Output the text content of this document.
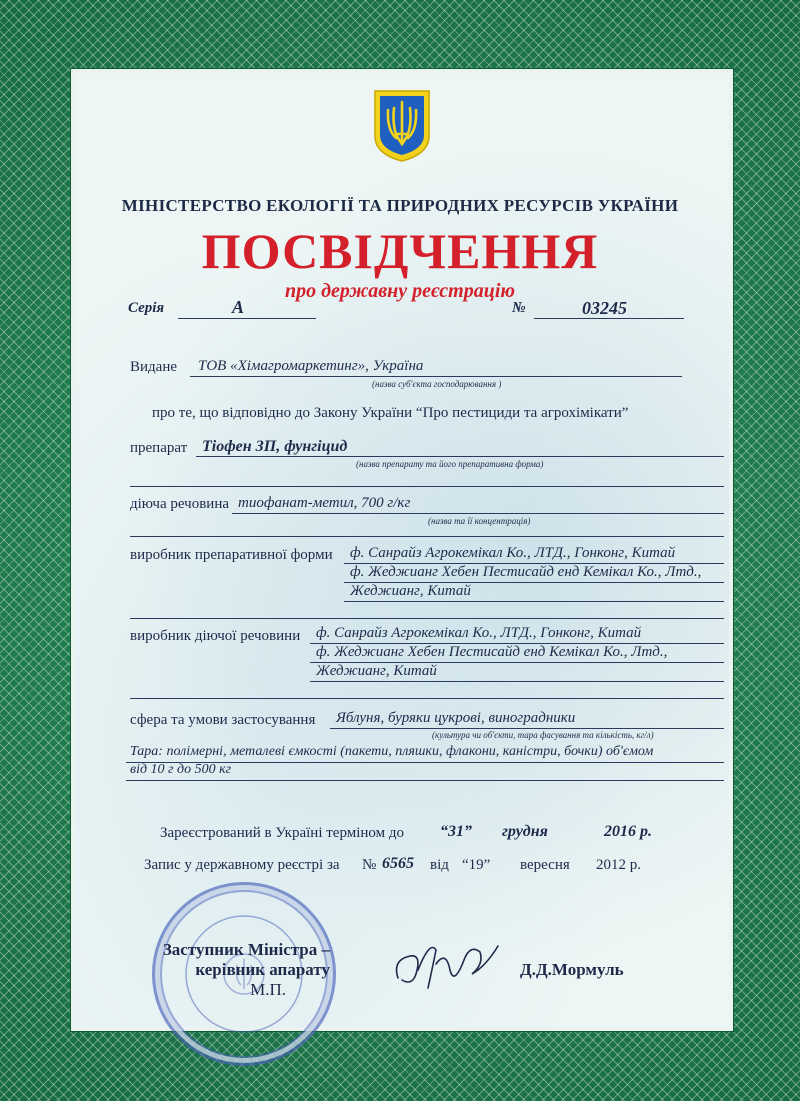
МІНІСТЕРСТВО ЕКОЛОГІЇ ТА ПРИРОДНИХ РЕСУРСІВ УКРАЇНИ
ПОСВІДЧЕННЯ
про державну реєстрацію
Серія	А	№	03245
Видане ТОВ «Хімагромаркетинг», Україна
(назва суб'єкта господарювання )
про те, що відповідно до Закону України “Про пестициди та агрохімікати”
препарат Тіофен ЗП, фунгіцид
(назва препарату та його препаративна форма)
діюча речовина тиофанат-метил, 700 г/кг
(назва та її концентрація)
виробник препаративної форми ф. Санрайз Агрокемікал Ко., ЛТД., Гонконг, Китай
ф. Жеджианг Хебен Пестисайд енд Кемікал Ко., Лтд.,
Жеджианг, Китай
виробник діючої речовини ф. Санрайз Агрокемікал Ко., ЛТД., Гонконг, Китай
ф. Жеджианг Хебен Пестисайд енд Кемікал Ко., Лтд.,
Жеджианг, Китай
сфера та умови застосування Яблуня, буряки цукрові, виноградники
(культура чи об'єкти, тара фасування та кількість, кг/л)
Тара: полімерні, металеві ємкості (пакети, пляшки, флакони, каністри, бочки) об'ємом
від 10 г до 500 кг
Зареєстрований в Україні терміном до “31” грудня	2016 р.
Запис у державному реєстрі за № 6565 від “19” вересня 2012 р.
Заступник Міністра –
керівник апарату
М.П.
Д.Д.Мормуль
